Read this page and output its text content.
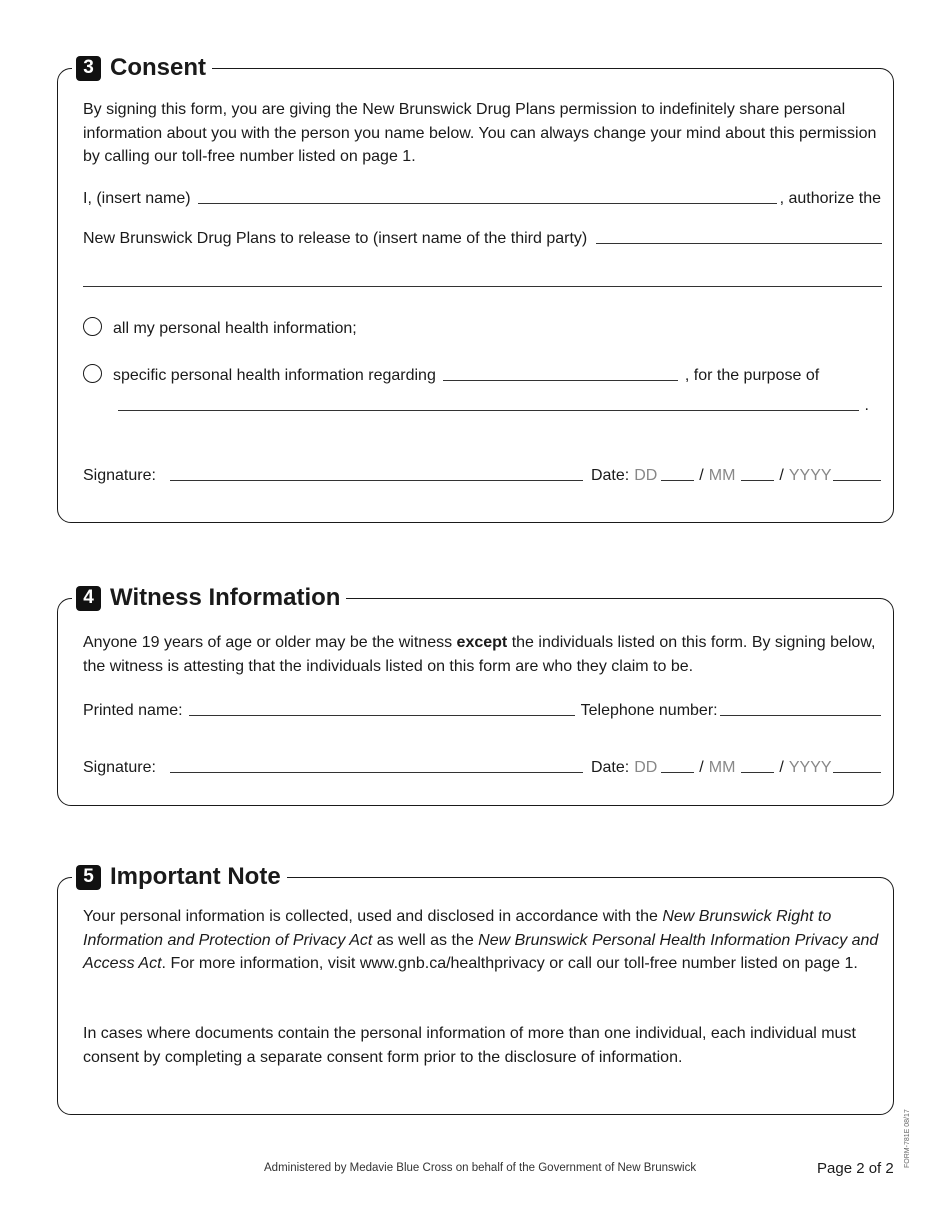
3 Consent

By signing this form, you are giving the New Brunswick Drug Plans permission to indefinitely share personal information about you with the person you name below. You can always change your mind about this permission by calling our toll-free number listed on page 1.

I, (insert name)	, authorize the
New Brunswick Drug Plans to release to (insert name of the third party)
all my personal health information;
specific personal health information regarding	, for the purpose of
.
Signature:	Date: DD	/ MM	/ YYYY
4 Witness Information

Anyone 19 years of age or older may be the witness except the individuals listed on this form. By signing below, the witness is attesting that the individuals listed on this form are who they claim to be.

Printed name:	Telephone number:
Signature:	Date: DD	/ MM	/ YYYY
5 Important Note

Your personal information is collected, used and disclosed in accordance with the New Brunswick Right to Information and Protection of Privacy Act as well as the New Brunswick Personal Health Information Privacy and Access Act. For more information, visit www.gnb.ca/healthprivacy or call our toll-free number listed on page 1.

In cases where documents contain the personal information of more than one individual, each individual must consent by completing a separate consent form prior to the disclosure of information.

Administered by Medavie Blue Cross on behalf of the Government of New Brunswick	Page 2 of 2
FORM-781E 08/17
